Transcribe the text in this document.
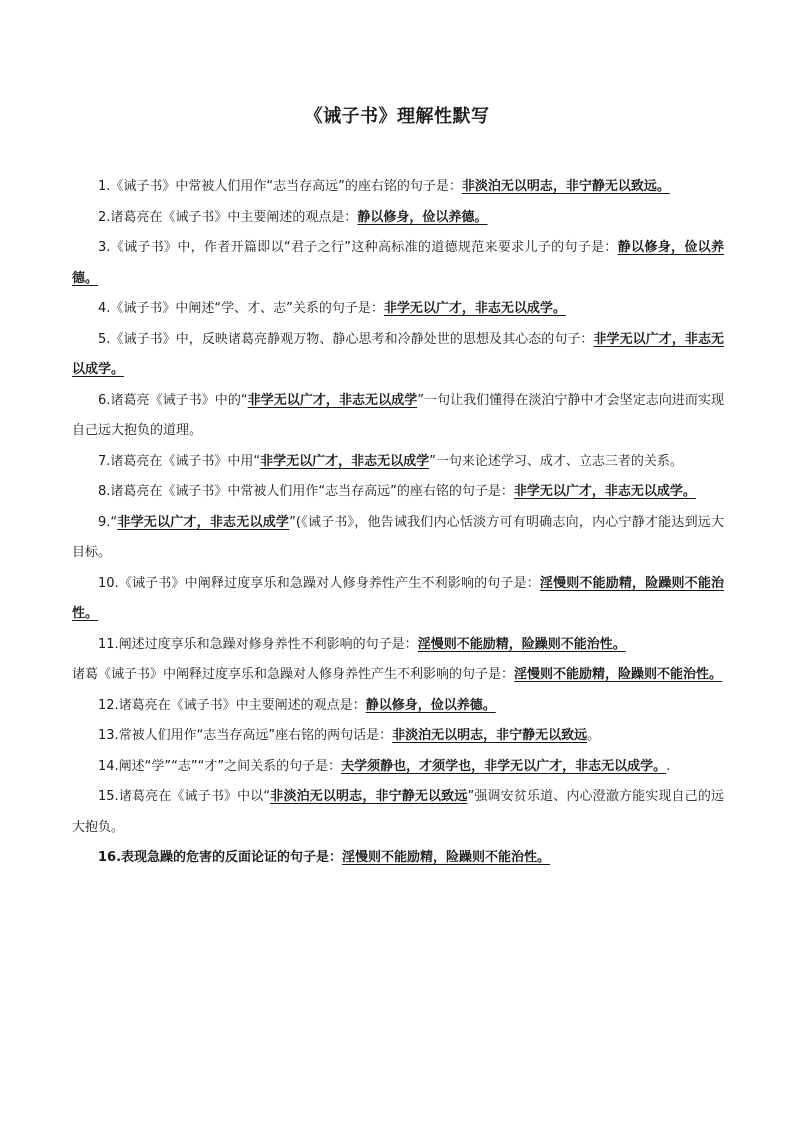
《诫子书》理解性默写

1.《诫子书》中常被人们用作“志当存高远”的座右铭的句子是：非淡泊无以明志，非宁静无以致远。

2.诸葛亮在《诫子书》中主要阐述的观点是：静以修身，俭以养德。

3.《诫子书》中，作者开篇即以“君子之行”这种高标准的道德规范来要求儿子的句子是：静以修身，俭以养德。

4.《诫子书》中阐述“学、才、志”关系的句子是：非学无以广才，非志无以成学。

5.《诫子书》中，反映诸葛亮静观万物、静心思考和冷静处世的思想及其心态的句子：非学无以广才，非志无以成学。

6.诸葛亮《诫子书》中的“非学无以广才，非志无以成学”一句让我们懂得在淡泊宁静中才会坚定志向进而实现自己远大抱负的道理。

7.诸葛亮在《诫子书》中用“非学无以广才，非志无以成学”一句来论述学习、成才、立志三者的关系。

8.诸葛亮在《诫子书》中常被人们用作“志当存高远”的座右铭的句子是：非学无以广才，非志无以成学。

9.“非学无以广才，非志无以成学”(《诫子书》，他告诫我们内心恬淡方可有明确志向，内心宁静才能达到远大目标。

10.《诫子书》中阐释过度享乐和急躁对人修身养性产生不利影响的句子是：淫慢则不能励精，险躁则不能治性。

11.阐述过度享乐和急躁对修身养性不利影响的句子是：淫慢则不能励精，险躁则不能治性。

诸葛《诫子书》中阐释过度享乐和急躁对人修身养性产生不利影响的句子是：淫慢则不能励精，险躁则不能治性。

12.诸葛亮在《诫子书》中主要阐述的观点是：静以修身，俭以养德。

13.常被人们用作“志当存高远”座右铭的两句话是：非淡泊无以明志，非宁静无以致远。

14.阐述“学”“志”“才”之间关系的句子是：夫学须静也，才须学也，非学无以广才，非志无以成学。.

15.诸葛亮在《诫子书》中以“非淡泊无以明志，非宁静无以致远”强调安贫乐道、内心澄澈方能实现自己的远大抱负。

16.表现急躁的危害的反面论证的句子是：淫慢则不能励精，险躁则不能治性。
